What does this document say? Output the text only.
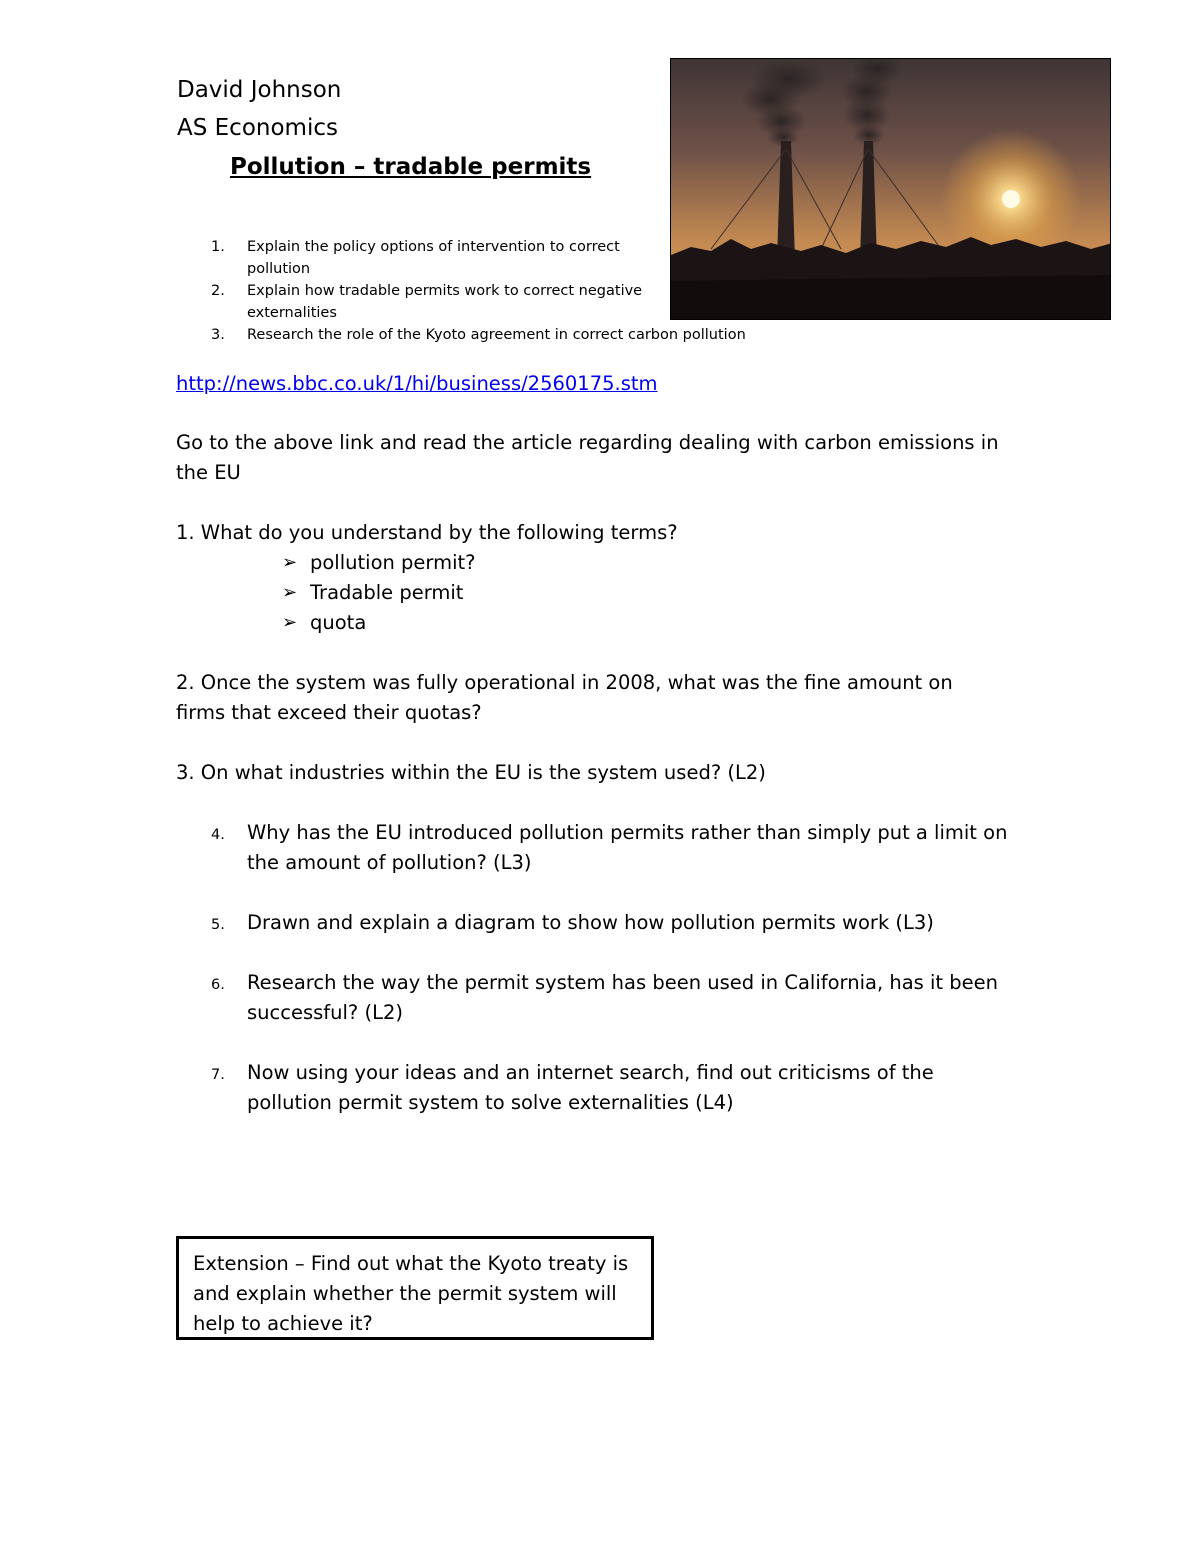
David Johnson
AS Economics
Pollution – tradable permits
1. Explain the policy options of intervention to correct pollution
2. Explain how tradable permits work to correct negative externalities
3. Research the role of the Kyoto agreement in correct carbon pollution
http://news.bbc.co.uk/1/hi/business/2560175.stm
Go to the above link and read the article regarding dealing with carbon emissions in the EU
1. What do you understand by the following terms?
➢ pollution permit?
➢ Tradable permit
➢ quota
2. Once the system was fully operational in 2008, what was the fine amount on firms that exceed their quotas?
3. On what industries within the EU is the system used? (L2)
4. Why has the EU introduced pollution permits rather than simply put a limit on the amount of pollution? (L3)
5. Drawn and explain a diagram to show how pollution permits work (L3)
6. Research the way the permit system has been used in California, has it been successful? (L2)
7. Now using your ideas and an internet search, find out criticisms of the pollution permit system to solve externalities (L4)
Extension – Find out what the Kyoto treaty is and explain whether the permit system will help to achieve it?
